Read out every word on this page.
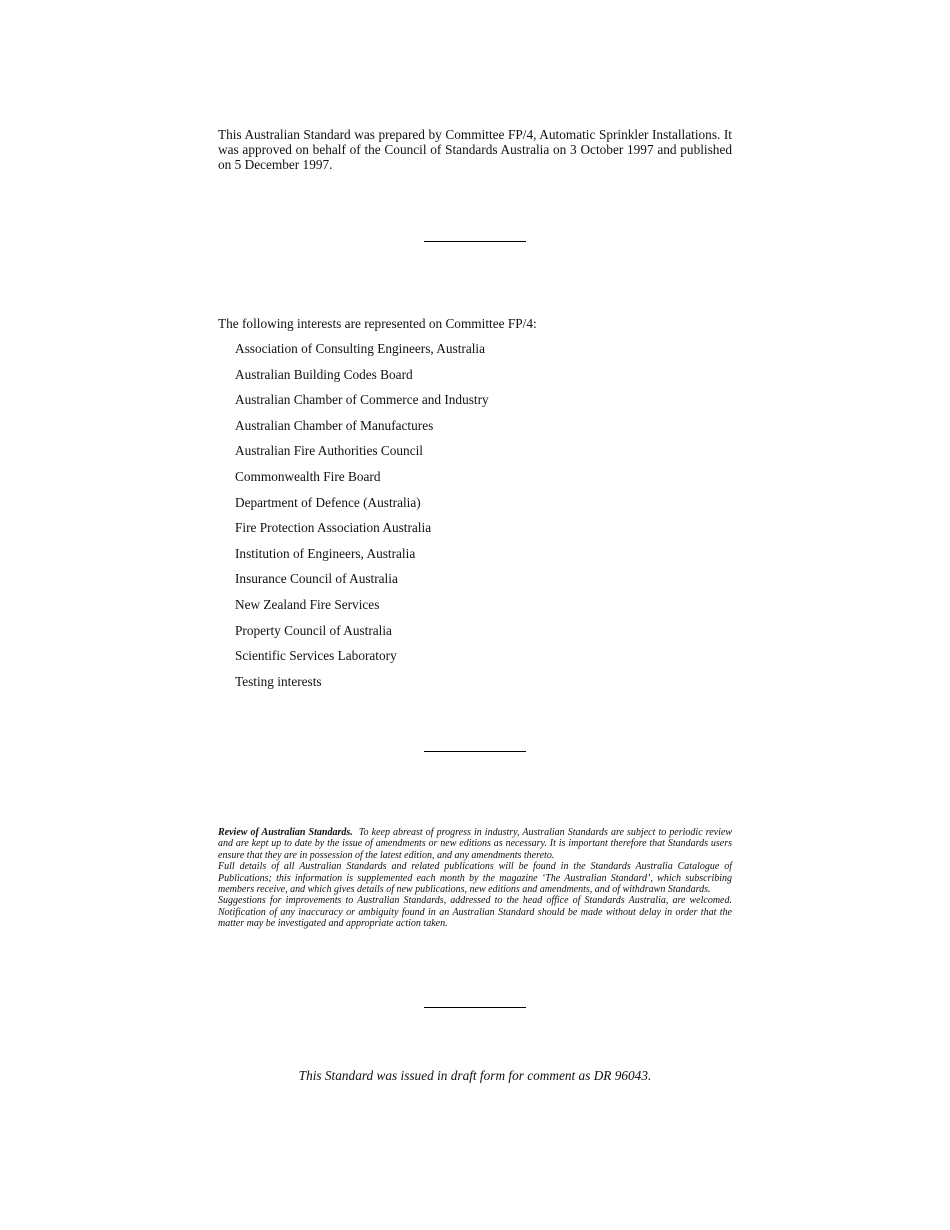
This Australian Standard was prepared by Committee FP/4, Automatic Sprinkler Installations. It was approved on behalf of the Council of Standards Australia on 3 October 1997 and published on 5 December 1997.
The following interests are represented on Committee FP/4:
Association of Consulting Engineers, Australia
Australian Building Codes Board
Australian Chamber of Commerce and Industry
Australian Chamber of Manufactures
Australian Fire Authorities Council
Commonwealth Fire Board
Department of Defence (Australia)
Fire Protection Association Australia
Institution of Engineers, Australia
Insurance Council of Australia
New Zealand Fire Services
Property Council of Australia
Scientific Services Laboratory
Testing interests

Review of Australian Standards. To keep abreast of progress in industry, Australian Standards are subject to periodic review and are kept up to date by the issue of amendments or new editions as necessary. It is important therefore that Standards users ensure that they are in possession of the latest edition, and any amendments thereto.

Full details of all Australian Standards and related publications will be found in the Standards Australia Catalogue of Publications; this information is supplemented each month by the magazine ‘The Australian Standard’, which subscribing members receive, and which gives details of new publications, new editions and amendments, and of withdrawn Standards.

Suggestions for improvements to Australian Standards, addressed to the head office of Standards Australia, are welcomed. Notification of any inaccuracy or ambiguity found in an Australian Standard should be made without delay in order that the matter may be investigated and appropriate action taken.

This Standard was issued in draft form for comment as DR 96043.
